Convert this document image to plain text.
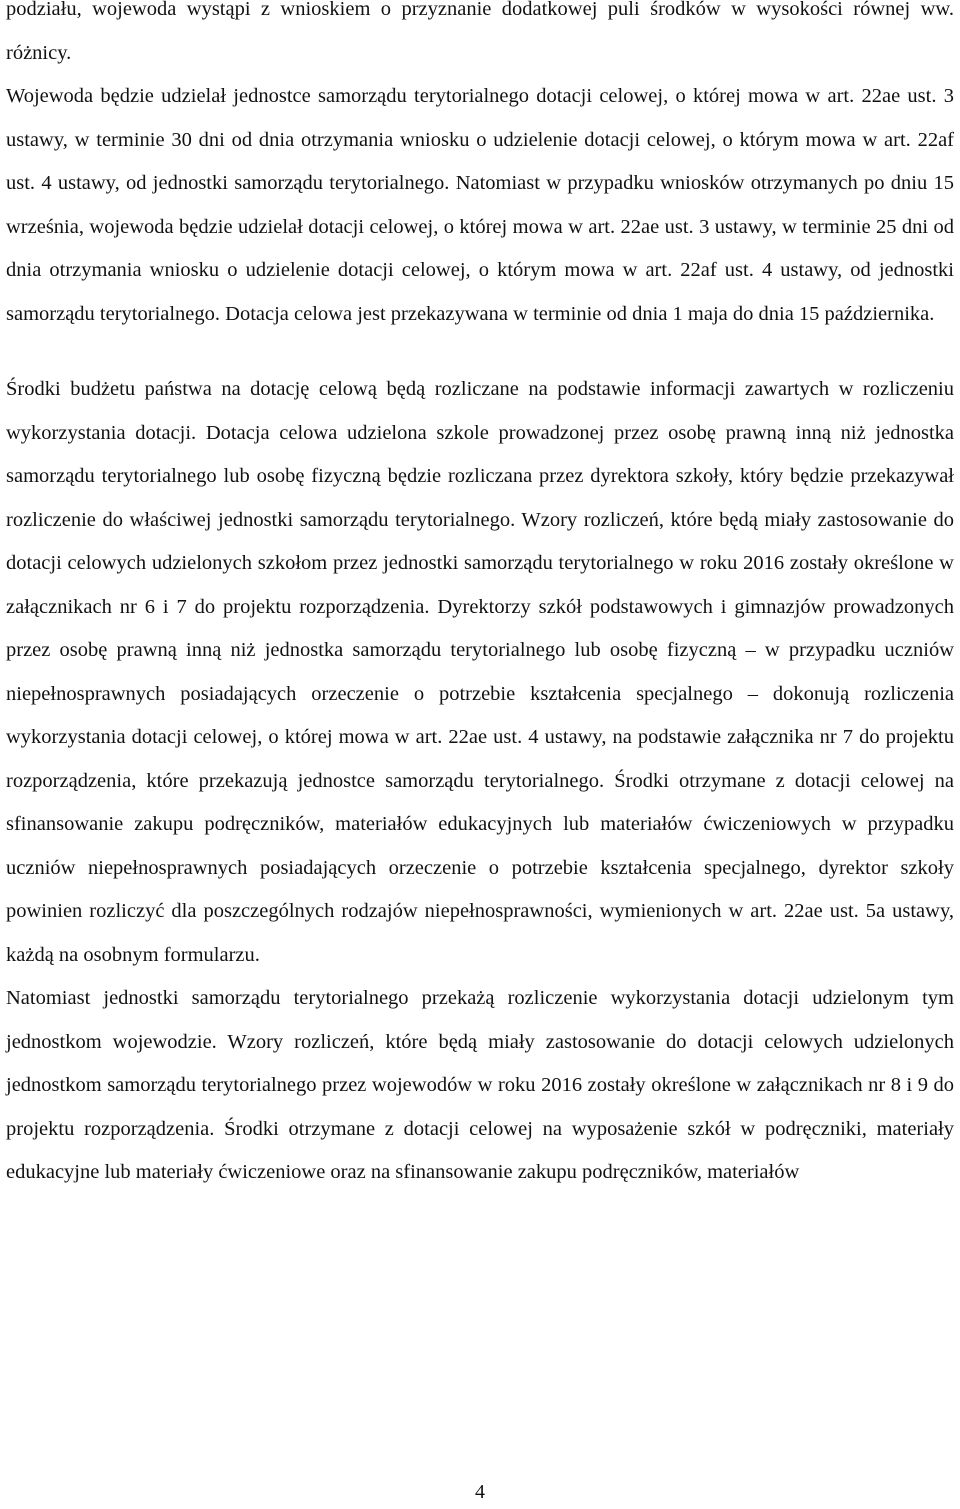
podziału, wojewoda wystąpi z wnioskiem o przyznanie dodatkowej puli środków w wysokości równej ww. różnicy.

Wojewoda będzie udzielał jednostce samorządu terytorialnego dotacji celowej, o której mowa w art. 22ae ust. 3 ustawy, w terminie 30 dni od dnia otrzymania wniosku o udzielenie dotacji celowej, o którym mowa w art. 22af ust. 4 ustawy, od jednostki samorządu terytorialnego. Natomiast w przypadku wniosków otrzymanych po dniu 15 września, wojewoda będzie udzielał dotacji celowej, o której mowa w art. 22ae ust. 3 ustawy, w terminie 25 dni od dnia otrzymania wniosku o udzielenie dotacji celowej, o którym mowa w art. 22af ust. 4 ustawy, od jednostki samorządu terytorialnego. Dotacja celowa jest przekazywana w terminie od dnia 1 maja do dnia 15 października.

Środki budżetu państwa na dotację celową będą rozliczane na podstawie informacji zawartych w rozliczeniu wykorzystania dotacji. Dotacja celowa udzielona szkole prowadzonej przez osobę prawną inną niż jednostka samorządu terytorialnego lub osobę fizyczną będzie rozliczana przez dyrektora szkoły, który będzie przekazywał rozliczenie do właściwej jednostki samorządu terytorialnego. Wzory rozliczeń, które będą miały zastosowanie do dotacji celowych udzielonych szkołom przez jednostki samorządu terytorialnego w roku 2016 zostały określone w załącznikach nr 6 i 7 do projektu rozporządzenia. Dyrektorzy szkół podstawowych i gimnazjów prowadzonych przez osobę prawną inną niż jednostka samorządu terytorialnego lub osobę fizyczną – w przypadku uczniów niepełnosprawnych posiadających orzeczenie o potrzebie kształcenia specjalnego – dokonują rozliczenia wykorzystania dotacji celowej, o której mowa w art. 22ae ust. 4 ustawy, na podstawie załącznika nr 7 do projektu rozporządzenia, które przekazują jednostce samorządu terytorialnego. Środki otrzymane z dotacji celowej na sfinansowanie zakupu podręczników, materiałów edukacyjnych lub materiałów ćwiczeniowych w przypadku uczniów niepełnosprawnych posiadających orzeczenie o potrzebie kształcenia specjalnego, dyrektor szkoły powinien rozliczyć dla poszczególnych rodzajów niepełnosprawności, wymienionych w art. 22ae ust. 5a ustawy, każdą na osobnym formularzu.

Natomiast jednostki samorządu terytorialnego przekażą rozliczenie wykorzystania dotacji udzielonym tym jednostkom wojewodzie. Wzory rozliczeń, które będą miały zastosowanie do dotacji celowych udzielonych jednostkom samorządu terytorialnego przez wojewodów w roku 2016 zostały określone w załącznikach nr 8 i 9 do projektu rozporządzenia. Środki otrzymane z dotacji celowej na wyposażenie szkół w podręczniki, materiały edukacyjne lub materiały ćwiczeniowe oraz na sfinansowanie zakupu podręczników, materiałów

4
